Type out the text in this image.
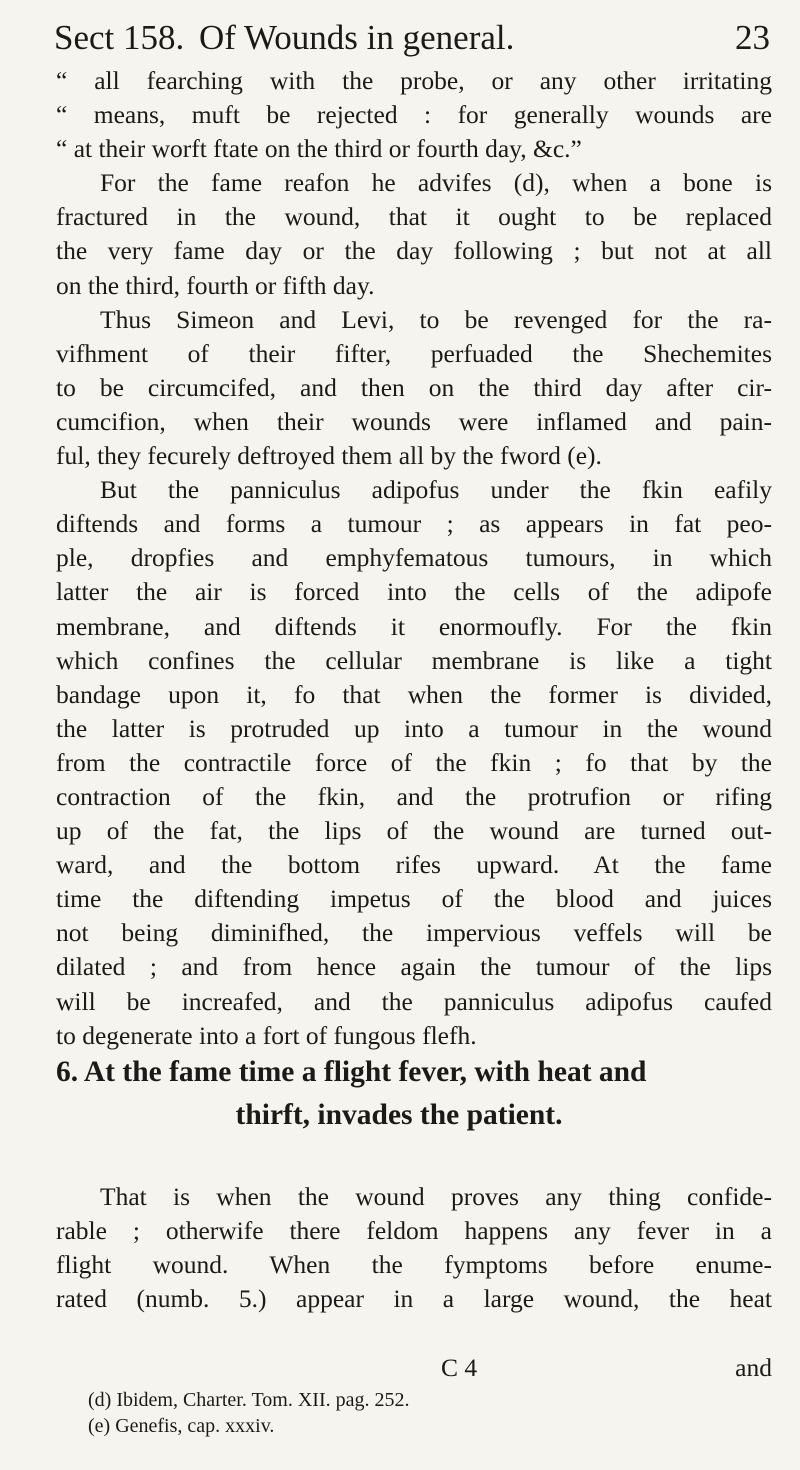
Sect 158. Of Wounds in general.	23
“ all fearching with the probe, or any other irritating
“ means, muft be rejected : for generally wounds are
“ at their worft ftate on the third or fourth day, &c.”
For the fame reafon he advifes (d), when a bone is
fractured in the wound, that it ought to be replaced
the very fame day or the day following ; but not at all
on the third, fourth or fifth day.
Thus Simeon and Levi, to be revenged for the ra-
vifhment of their fifter, perfuaded the Shechemites
to be circumcifed, and then on the third day after cir-
cumcifion, when their wounds were inflamed and pain-
ful, they fecurely deftroyed them all by the fword (e).
But the panniculus adipofus under the fkin eafily
diftends and forms a tumour ; as appears in fat peo-
ple, dropfies and emphyfematous tumours, in which
latter the air is forced into the cells of the adipofe
membrane, and diftends it enormoufly. For the fkin
which confines the cellular membrane is like a tight
bandage upon it, fo that when the former is divided,
the latter is protruded up into a tumour in the wound
from the contractile force of the fkin ; fo that by the
contraction of the fkin, and the protrufion or rifing
up of the fat, the lips of the wound are turned out-
ward, and the bottom rifes upward. At the fame
time the diftending impetus of the blood and juices
not being diminifhed, the impervious veffels will be
dilated ; and from hence again the tumour of the lips
will be increafed, and the panniculus adipofus caufed
to degenerate into a fort of fungous flefh.
6. At the fame time a flight fever, with heat and
thirft, invades the patient.
That is when the wound proves any thing confide-
rable ; otherwife there feldom happens any fever in a
flight wound. When the fymptoms before enume-
rated (numb. 5.) appear in a large wound, the heat
C 4	and
(d) Ibidem, Charter. Tom. XII. pag. 252.
(e) Genefis, cap. xxxiv.
